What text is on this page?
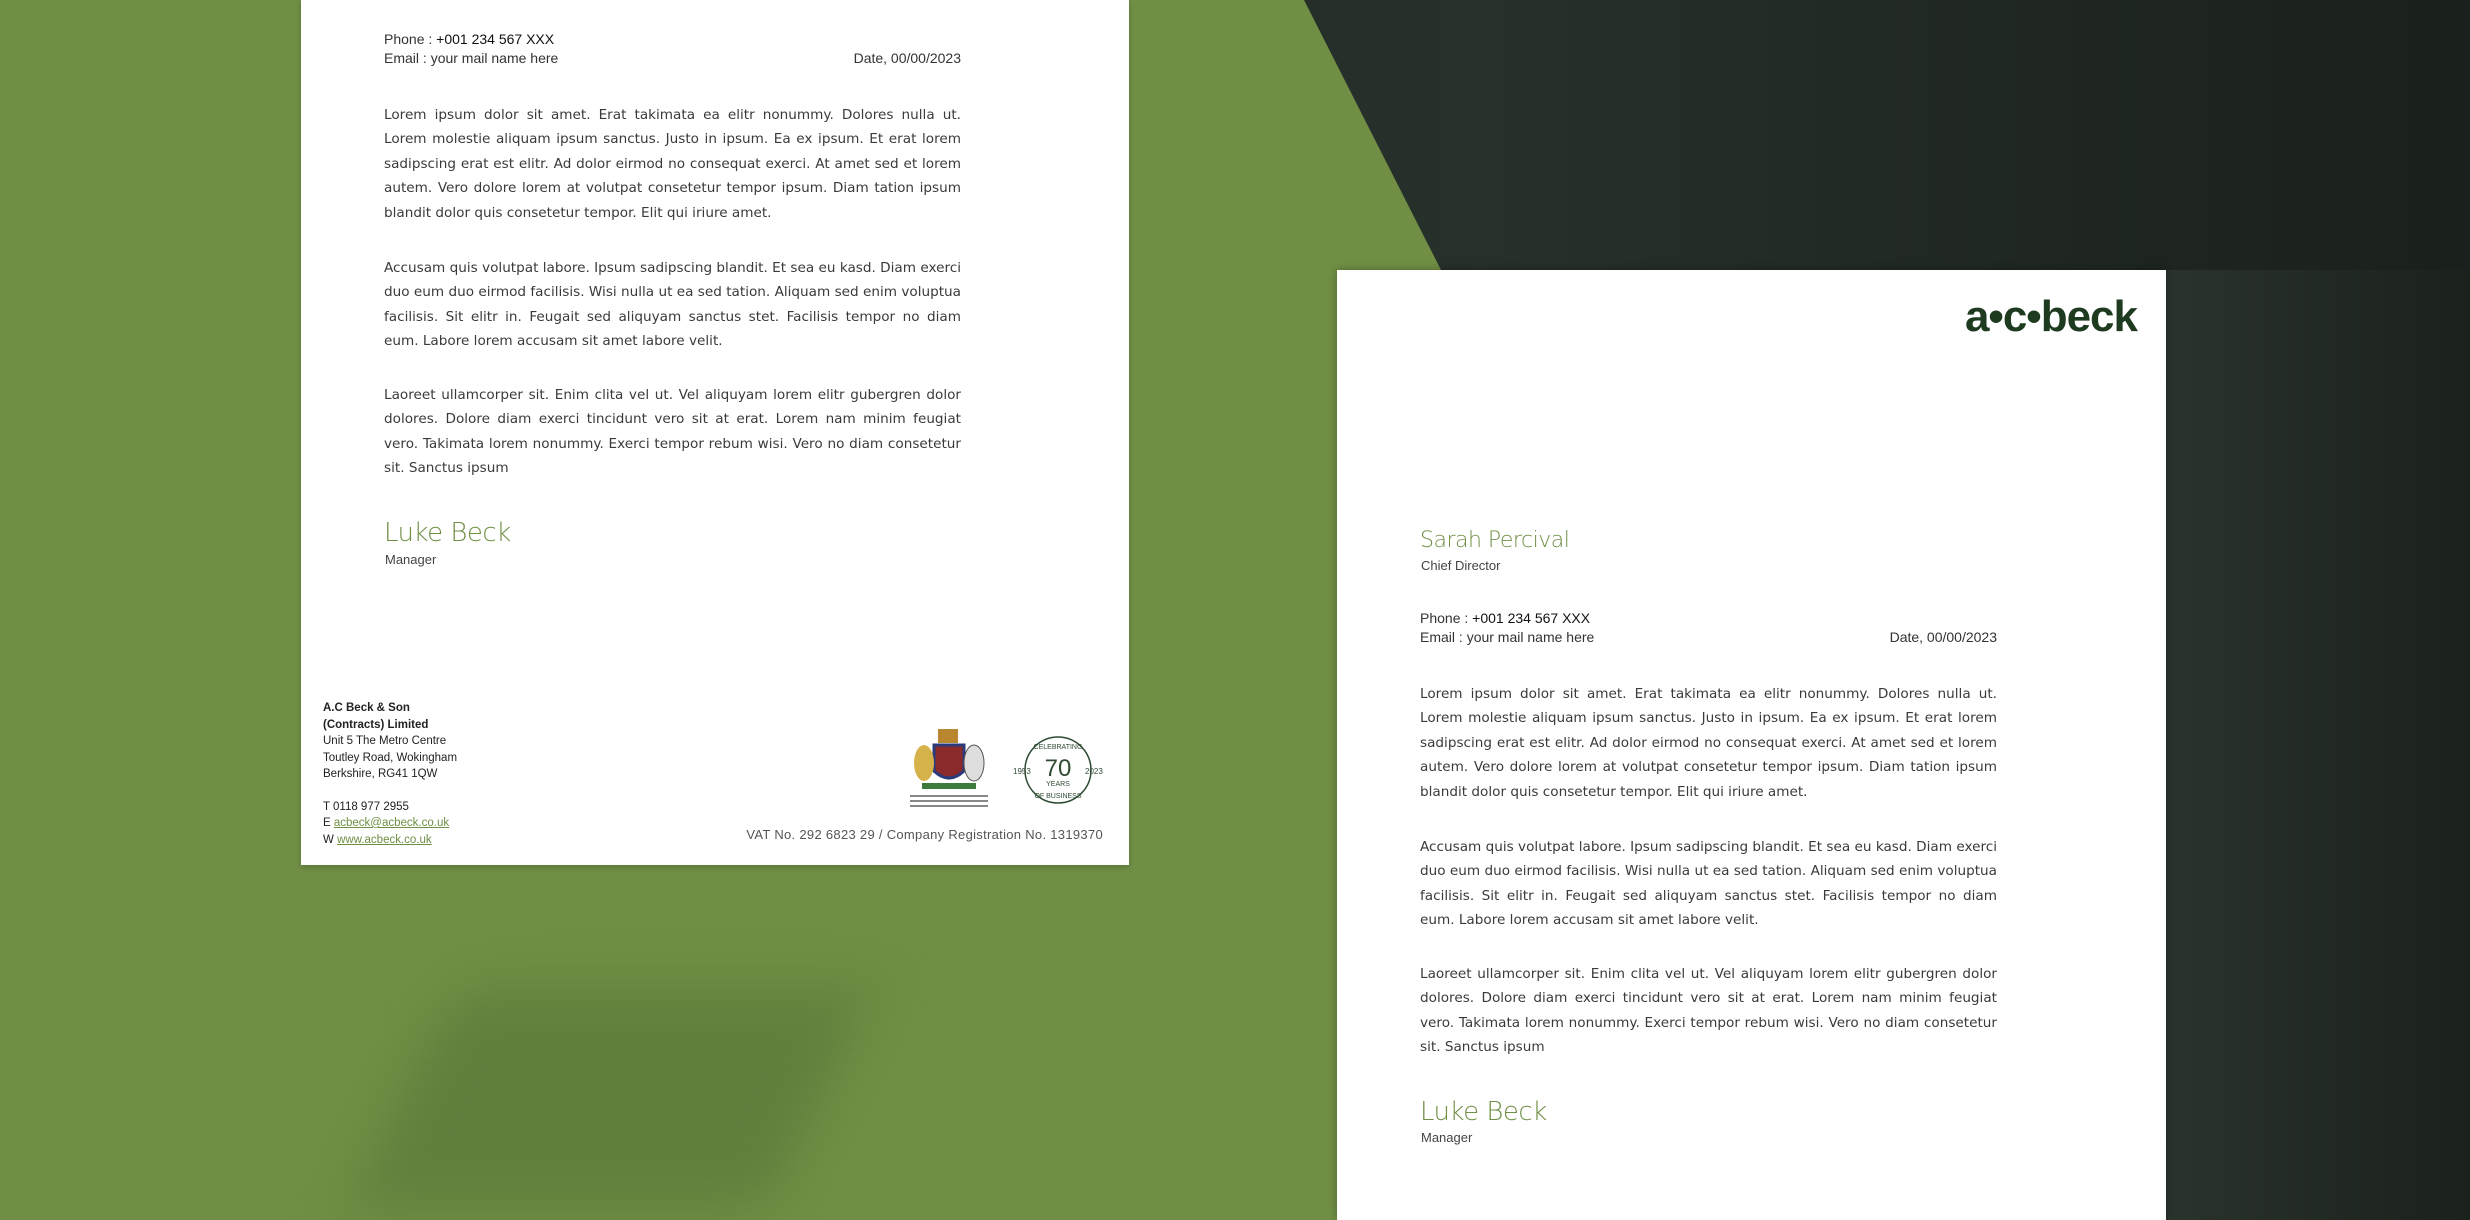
Phone : +001 234 567 XXX
Email : your mail name here	Date, 00/00/2023

Lorem ipsum dolor sit amet. Erat takimata ea elitr nonummy. Dolores nulla ut. Lorem molestie aliquam ipsum sanctus. Justo in ipsum. Ea ex ipsum. Et erat lorem sadipscing erat est elitr. Ad dolor eirmod no consequat exerci. At amet sed et lorem autem. Vero dolore lorem at volutpat consetetur tempor ipsum. Diam tation ipsum blandit dolor quis consetetur tempor. Elit qui iriure amet.

Accusam quis volutpat labore. Ipsum sadipscing blandit. Et sea eu kasd. Diam exerci duo eum duo eirmod facilisis. Wisi nulla ut ea sed tation. Aliquam sed enim voluptua facilisis. Sit elitr in. Feugait sed aliquyam sanctus stet. Facilisis tempor no diam eum. Labore lorem accusam sit amet labore velit.

Laoreet ullamcorper sit. Enim clita vel ut. Vel aliquyam lorem elitr gubergren dolor dolores. Dolore diam exerci tincidunt vero sit at erat. Lorem nam minim feugiat vero. Takimata lorem nonummy. Exerci tempor rebum wisi. Vero no diam consetetur sit. Sanctus ipsum

Luke Beck
Manager
A.C Beck & Son
(Contracts) Limited
Unit 5 The Metro Centre
Toutley Road, Wokingham
Berkshire, RG41 1QW
T 0118 977 2955
E acbeck@acbeck.co.uk
W www.acbeck.co.uk
CELEBRATING
70
YEARS
OF BUSINESS
1953	2023
VAT No. 292 6823 29 / Company Registration No. 1319370
a•c•beck
Sarah Percival
Chief Director
Phone : +001 234 567 XXX
Email : your mail name here	Date, 00/00/2023

Lorem ipsum dolor sit amet. Erat takimata ea elitr nonummy. Dolores nulla ut. Lorem molestie aliquam ipsum sanctus. Justo in ipsum. Ea ex ipsum. Et erat lorem sadipscing erat est elitr. Ad dolor eirmod no consequat exerci. At amet sed et lorem autem. Vero dolore lorem at volutpat consetetur tempor ipsum. Diam tation ipsum blandit dolor quis consetetur tempor. Elit qui iriure amet.

Accusam quis volutpat labore. Ipsum sadipscing blandit. Et sea eu kasd. Diam exerci duo eum duo eirmod facilisis. Wisi nulla ut ea sed tation. Aliquam sed enim voluptua facilisis. Sit elitr in. Feugait sed aliquyam sanctus stet. Facilisis tempor no diam eum. Labore lorem accusam sit amet labore velit.

Laoreet ullamcorper sit. Enim clita vel ut. Vel aliquyam lorem elitr gubergren dolor dolores. Dolore diam exerci tincidunt vero sit at erat. Lorem nam minim feugiat vero. Takimata lorem nonummy. Exerci tempor rebum wisi. Vero no diam consetetur sit. Sanctus ipsum

Luke Beck
Manager
